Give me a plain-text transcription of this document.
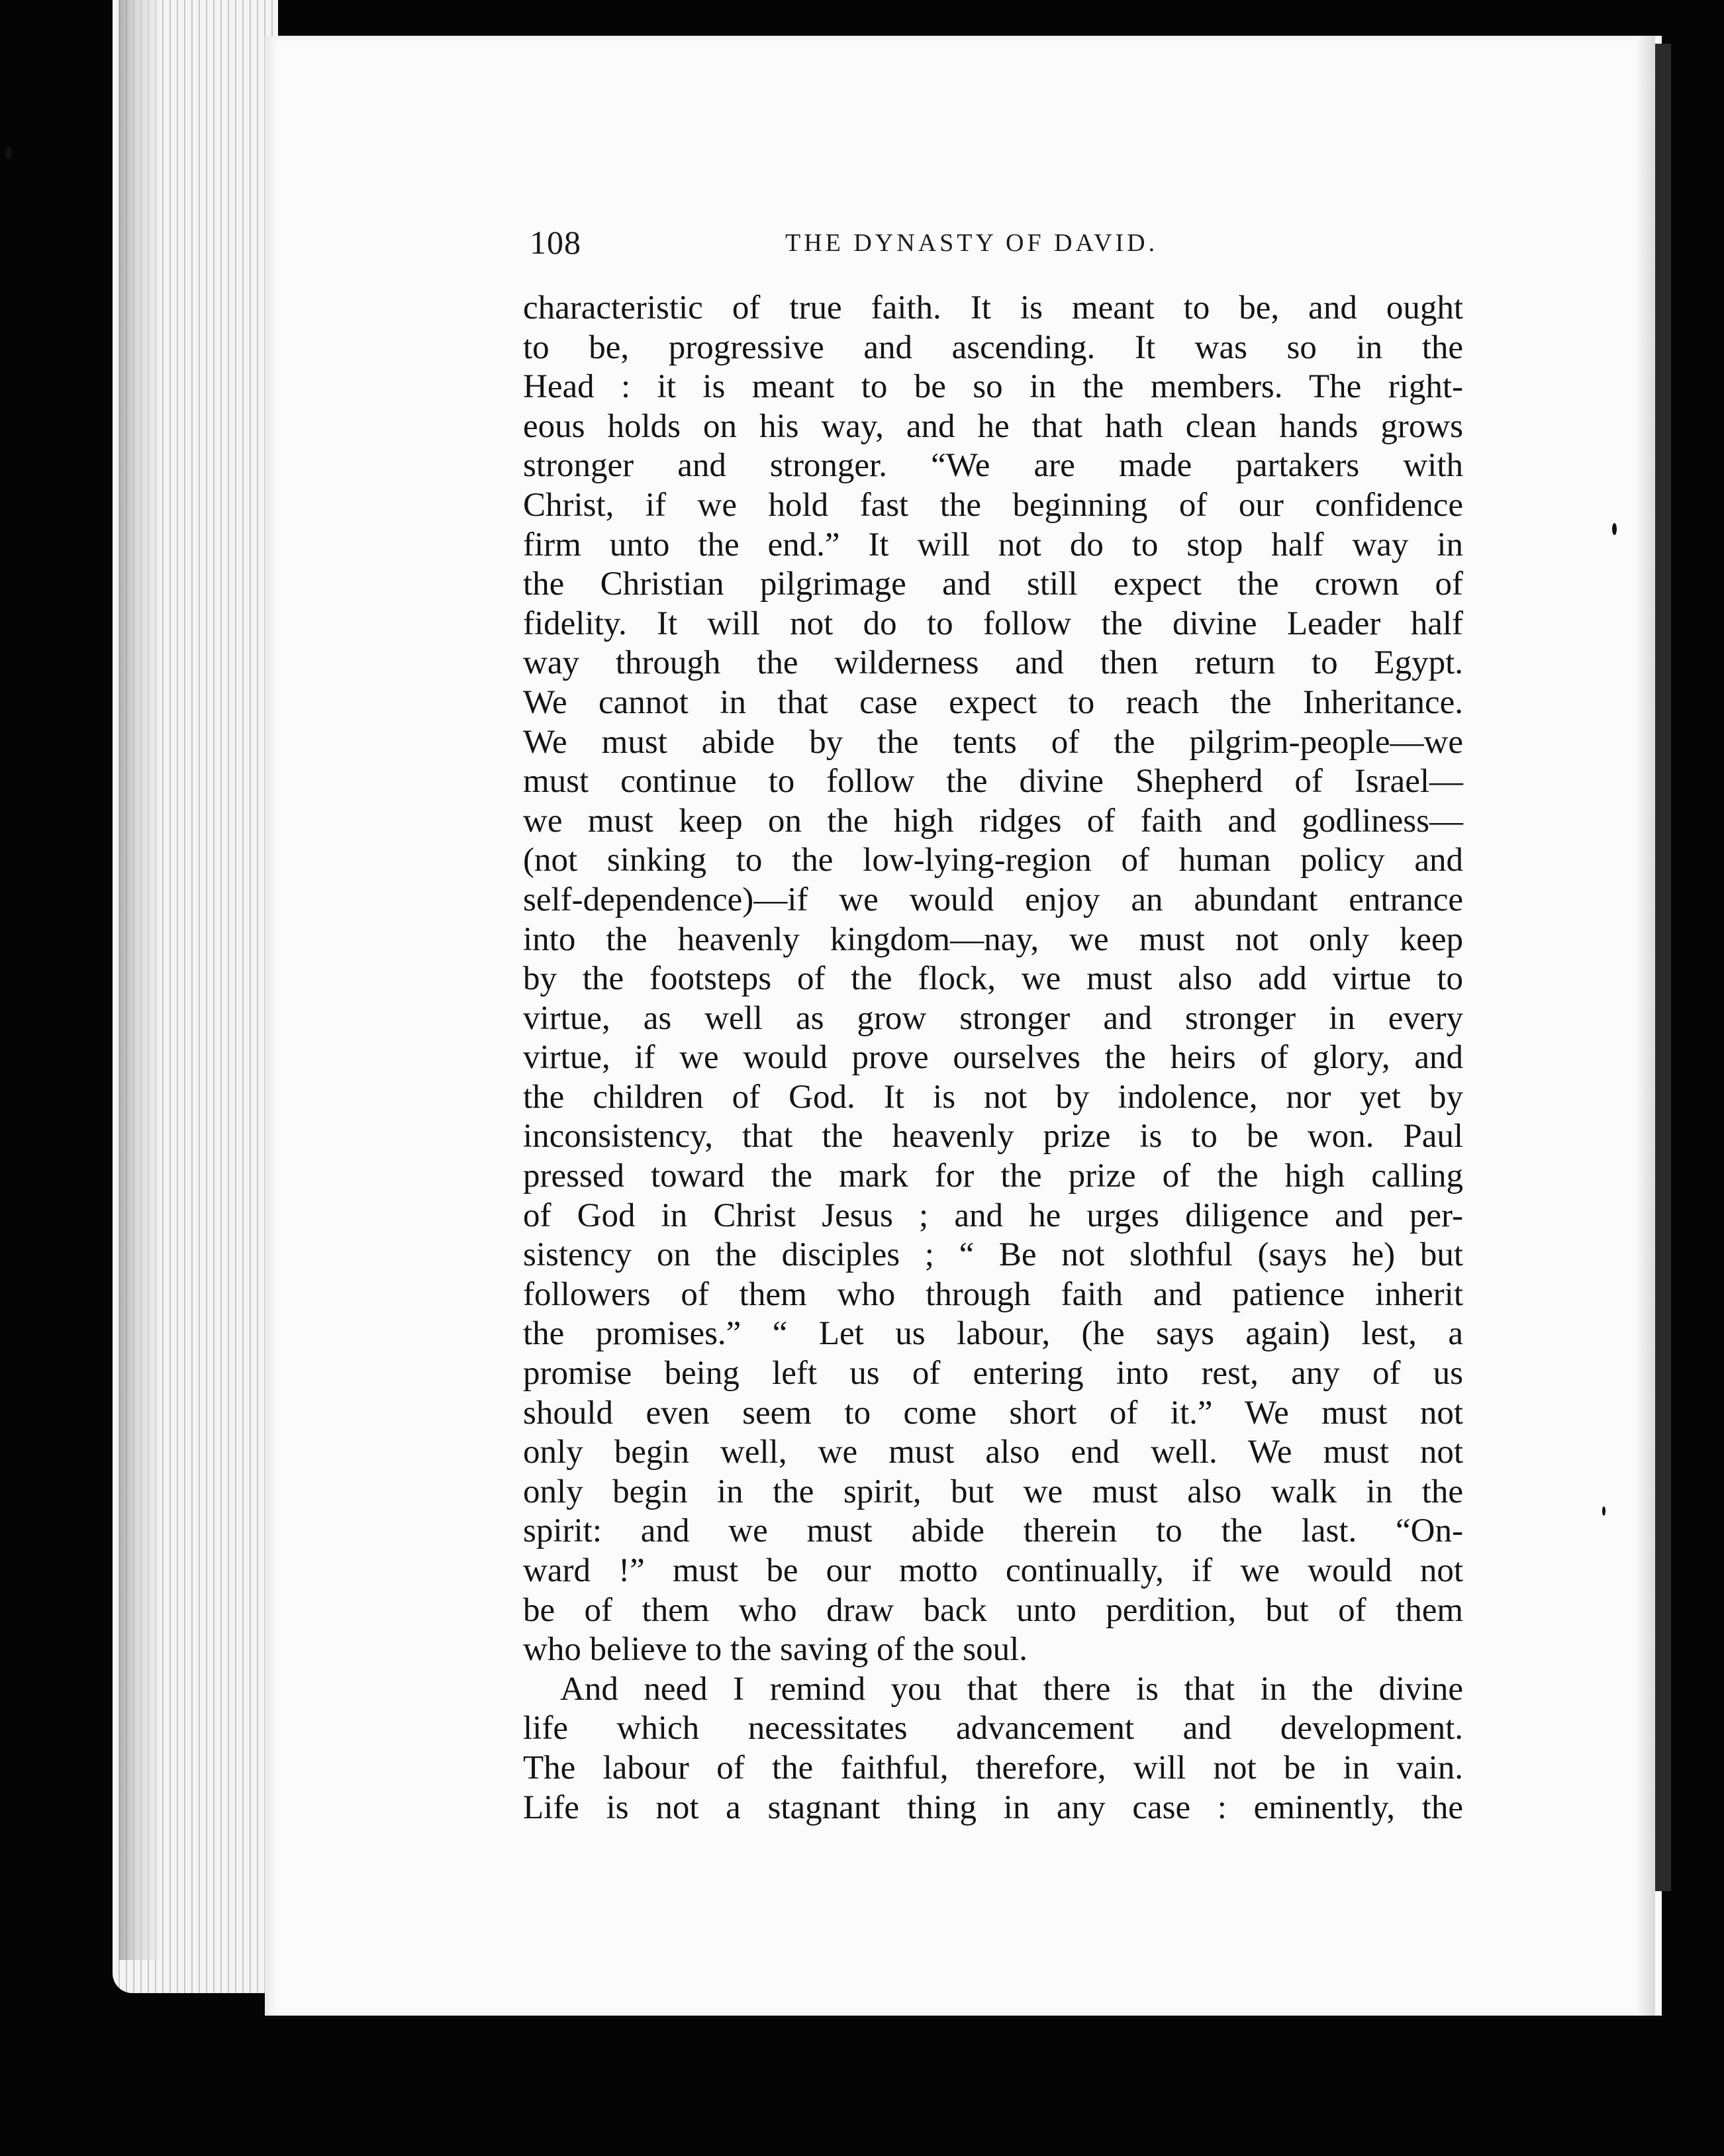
108	THE DYNASTY OF DAVID.
characteristic of true faith. It is meant to be, and ought
to be, progressive and ascending. It was so in the
Head : it is meant to be so in the members. The right-
eous holds on his way, and he that hath clean hands grows
stronger and stronger. “We are made partakers with
Christ, if we hold fast the beginning of our confidence
firm unto the end.” It will not do to stop half way in
the Christian pilgrimage and still expect the crown of
fidelity. It will not do to follow the divine Leader half
way through the wilderness and then return to Egypt.
We cannot in that case expect to reach the Inheritance.
We must abide by the tents of the pilgrim-people—we
must continue to follow the divine Shepherd of Israel—
we must keep on the high ridges of faith and godliness—
(not sinking to the low-lying-region of human policy and
self-dependence)—if we would enjoy an abundant entrance
into the heavenly kingdom—nay, we must not only keep
by the footsteps of the flock, we must also add virtue to
virtue, as well as grow stronger and stronger in every
virtue, if we would prove ourselves the heirs of glory, and
the children of God. It is not by indolence, nor yet by
inconsistency, that the heavenly prize is to be won. Paul
pressed toward the mark for the prize of the high calling
of God in Christ Jesus ; and he urges diligence and per-
sistency on the disciples ; “ Be not slothful (says he) but
followers of them who through faith and patience inherit
the promises.” “ Let us labour, (he says again) lest, a
promise being left us of entering into rest, any of us
should even seem to come short of it.” We must not
only begin well, we must also end well. We must not
only begin in the spirit, but we must also walk in the
spirit: and we must abide therein to the last. “On-
ward !” must be our motto continually, if we would not
be of them who draw back unto perdition, but of them
who believe to the saving of the soul.
And need I remind you that there is that in the divine
life which necessitates advancement and development.
The labour of the faithful, therefore, will not be in vain.
Life is not a stagnant thing in any case : eminently, the
